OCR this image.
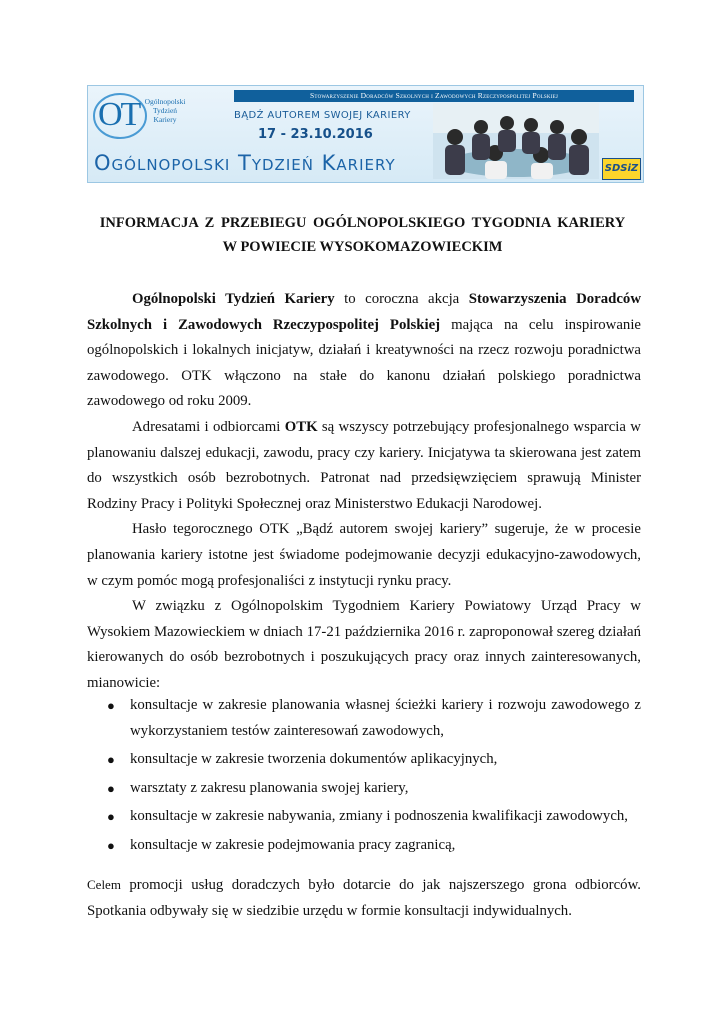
OT Ogólnopolski
Tydzień
Kariery
Stowarzyszenie Doradców Szkolnych i Zawodowych Rzeczypospolitej Polskiej
BĄDŹ AUTOREM SWOJEJ KARIERY
17 - 23.10.2016
Ogólnopolski Tydzień Kariery	SDSiZ
INFORMACJA Z PRZEBIEGU OGÓLNOPOLSKIEGO TYGODNIA KARIERY
W POWIECIE WYSOKOMAZOWIECKIM

Ogólnopolski Tydzień Kariery to coroczna akcja Stowarzyszenia Doradców Szkolnych i Zawodowych Rzeczypospolitej Polskiej mająca na celu inspirowanie ogólnopolskich i lokalnych inicjatyw, działań i kreatywności na rzecz rozwoju poradnictwa zawodowego. OTK włączono na stałe do kanonu działań polskiego poradnictwa zawodowego od roku 2009.

Adresatami i odbiorcami OTK są wszyscy potrzebujący profesjonalnego wsparcia w planowaniu dalszej edukacji, zawodu, pracy czy kariery. Inicjatywa ta skierowana jest zatem do wszystkich osób bezrobotnych. Patronat nad przedsięwzięciem sprawują Minister Rodziny Pracy i Polityki Społecznej oraz Ministerstwo Edukacji Narodowej.

Hasło tegorocznego OTK „Bądź autorem swojej kariery” sugeruje, że w procesie planowania kariery istotne jest świadome podejmowanie decyzji edukacyjno-zawodowych, w czym pomóc mogą profesjonaliści z instytucji rynku pracy.

W związku z Ogólnopolskim Tygodniem Kariery Powiatowy Urząd Pracy w Wysokiem Mazowieckiem w dniach 17-21 października 2016 r. zaproponował szereg działań kierowanych do osób bezrobotnych i poszukujących pracy oraz innych zainteresowanych, mianowicie:

● konsultacje w zakresie planowania własnej ścieżki kariery i rozwoju zawodowego z wykorzystaniem testów zainteresowań zawodowych,
● konsultacje w zakresie tworzenia dokumentów aplikacyjnych,
● warsztaty z zakresu planowania swojej kariery,
● konsultacje w zakresie nabywania, zmiany i podnoszenia kwalifikacji zawodowych,
● konsultacje w zakresie podejmowania pracy zagranicą,

Celem promocji usług doradczych było dotarcie do jak najszerszego grona odbiorców. Spotkania odbywały się w siedzibie urzędu w formie konsultacji indywidualnych.
